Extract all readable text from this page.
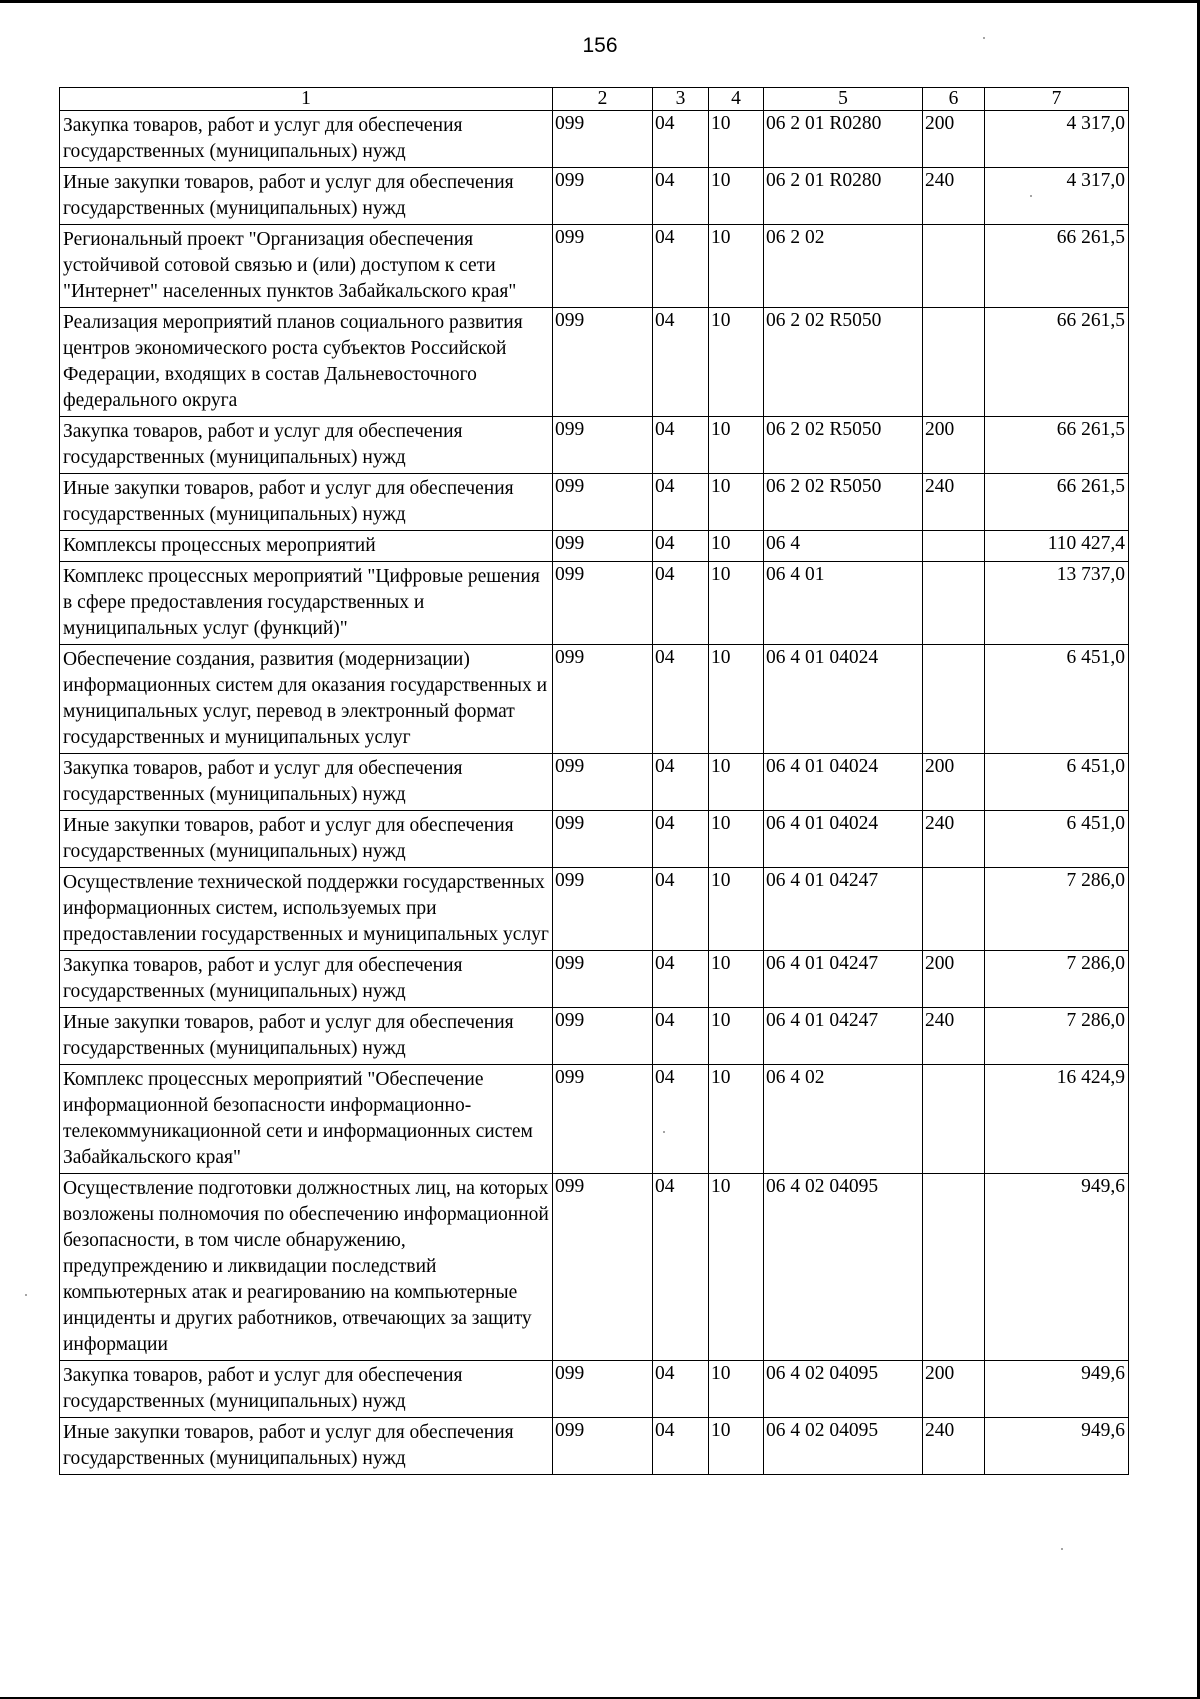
156
1	2	3	4	5	6	7
Закупка товаров, работ и услуг для обеспечения государственных (муниципальных) нужд	099	04	10	06 2 01 R0280	200	4 317,0
Иные закупки товаров, работ и услуг для обеспечения государственных (муниципальных) нужд	099	04	10	06 2 01 R0280	240	4 317,0
Региональный проект "Организация обеспечения устойчивой сотовой связью и (или) доступом к сети "Интернет" населенных пунктов Забайкальского края"	099	04	10	06 2 02		66 261,5
Реализация мероприятий планов социального развития центров экономического роста субъектов Российской Федерации, входящих в состав Дальневосточного федерального округа	099	04	10	06 2 02 R5050		66 261,5
Закупка товаров, работ и услуг для обеспечения государственных (муниципальных) нужд	099	04	10	06 2 02 R5050	200	66 261,5
Иные закупки товаров, работ и услуг для обеспечения государственных (муниципальных) нужд	099	04	10	06 2 02 R5050	240	66 261,5
Комплексы процессных мероприятий	099	04	10	06 4		110 427,4
Комплекс процессных мероприятий "Цифровые решения в сфере предоставления государственных и муниципальных услуг (функций)"	099	04	10	06 4 01		13 737,0
Обеспечение создания, развития (модернизации) информационных систем для оказания государственных и муниципальных услуг, перевод в электронный формат государственных и муниципальных услуг	099	04	10	06 4 01 04024		6 451,0
Закупка товаров, работ и услуг для обеспечения государственных (муниципальных) нужд	099	04	10	06 4 01 04024	200	6 451,0
Иные закупки товаров, работ и услуг для обеспечения государственных (муниципальных) нужд	099	04	10	06 4 01 04024	240	6 451,0
Осуществление технической поддержки государственных информационных систем, используемых при предоставлении государственных и муниципальных услуг	099	04	10	06 4 01 04247		7 286,0
Закупка товаров, работ и услуг для обеспечения государственных (муниципальных) нужд	099	04	10	06 4 01 04247	200	7 286,0
Иные закупки товаров, работ и услуг для обеспечения государственных (муниципальных) нужд	099	04	10	06 4 01 04247	240	7 286,0
Комплекс процессных мероприятий "Обеспечение информационной безопасности информационно-телекоммуникационной сети и информационных систем Забайкальского края"	099	04	10	06 4 02		16 424,9
Осуществление подготовки должностных лиц, на которых возложены полномочия по обеспечению информационной безопасности, в том числе обнаружению, предупреждению и ликвидации последствий компьютерных атак и реагированию на компьютерные инциденты и других работников, отвечающих за защиту информации	099	04	10	06 4 02 04095		949,6
Закупка товаров, работ и услуг для обеспечения государственных (муниципальных) нужд	099	04	10	06 4 02 04095	200	949,6
Иные закупки товаров, работ и услуг для обеспечения государственных (муниципальных) нужд	099	04	10	06 4 02 04095	240	949,6
